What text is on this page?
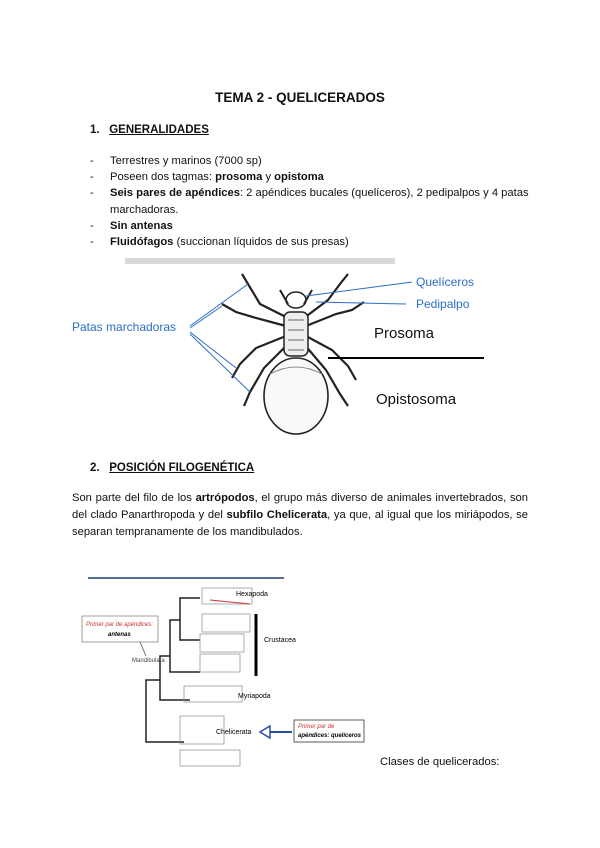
TEMA 2 - QUELICERADOS
1. GENERALIDADES
- Terrestres y marinos (7000 sp)
- Poseen dos tagmas: prosoma y opistoma
- Seis pares de apéndices: 2 apéndices bucales (quelíceros), 2 pedipalpos y 4 patas marchadoras.
- Sin antenas
- Fluidófagos (succionan líquidos de sus presas)
Quelíceros
Pedipalpo
Patas marchadoras	Prosoma
Opistosoma
2. POSICIÓN FILOGENÉTICA
Son parte del filo de los artrópodos, el grupo más diverso de animales invertebrados, son del clado Panarthropoda y del subfilo Chelicerata, ya que, al igual que los miriápodos, se separan tempranamente de los mandibulados.
Hexapoda
Crustacea
Myriapoda
Chelicerata
Mandibulata
Primer par de apéndices:
antenas
Primer par de
apéndices: quelíceros
Clases de quelicerados:
